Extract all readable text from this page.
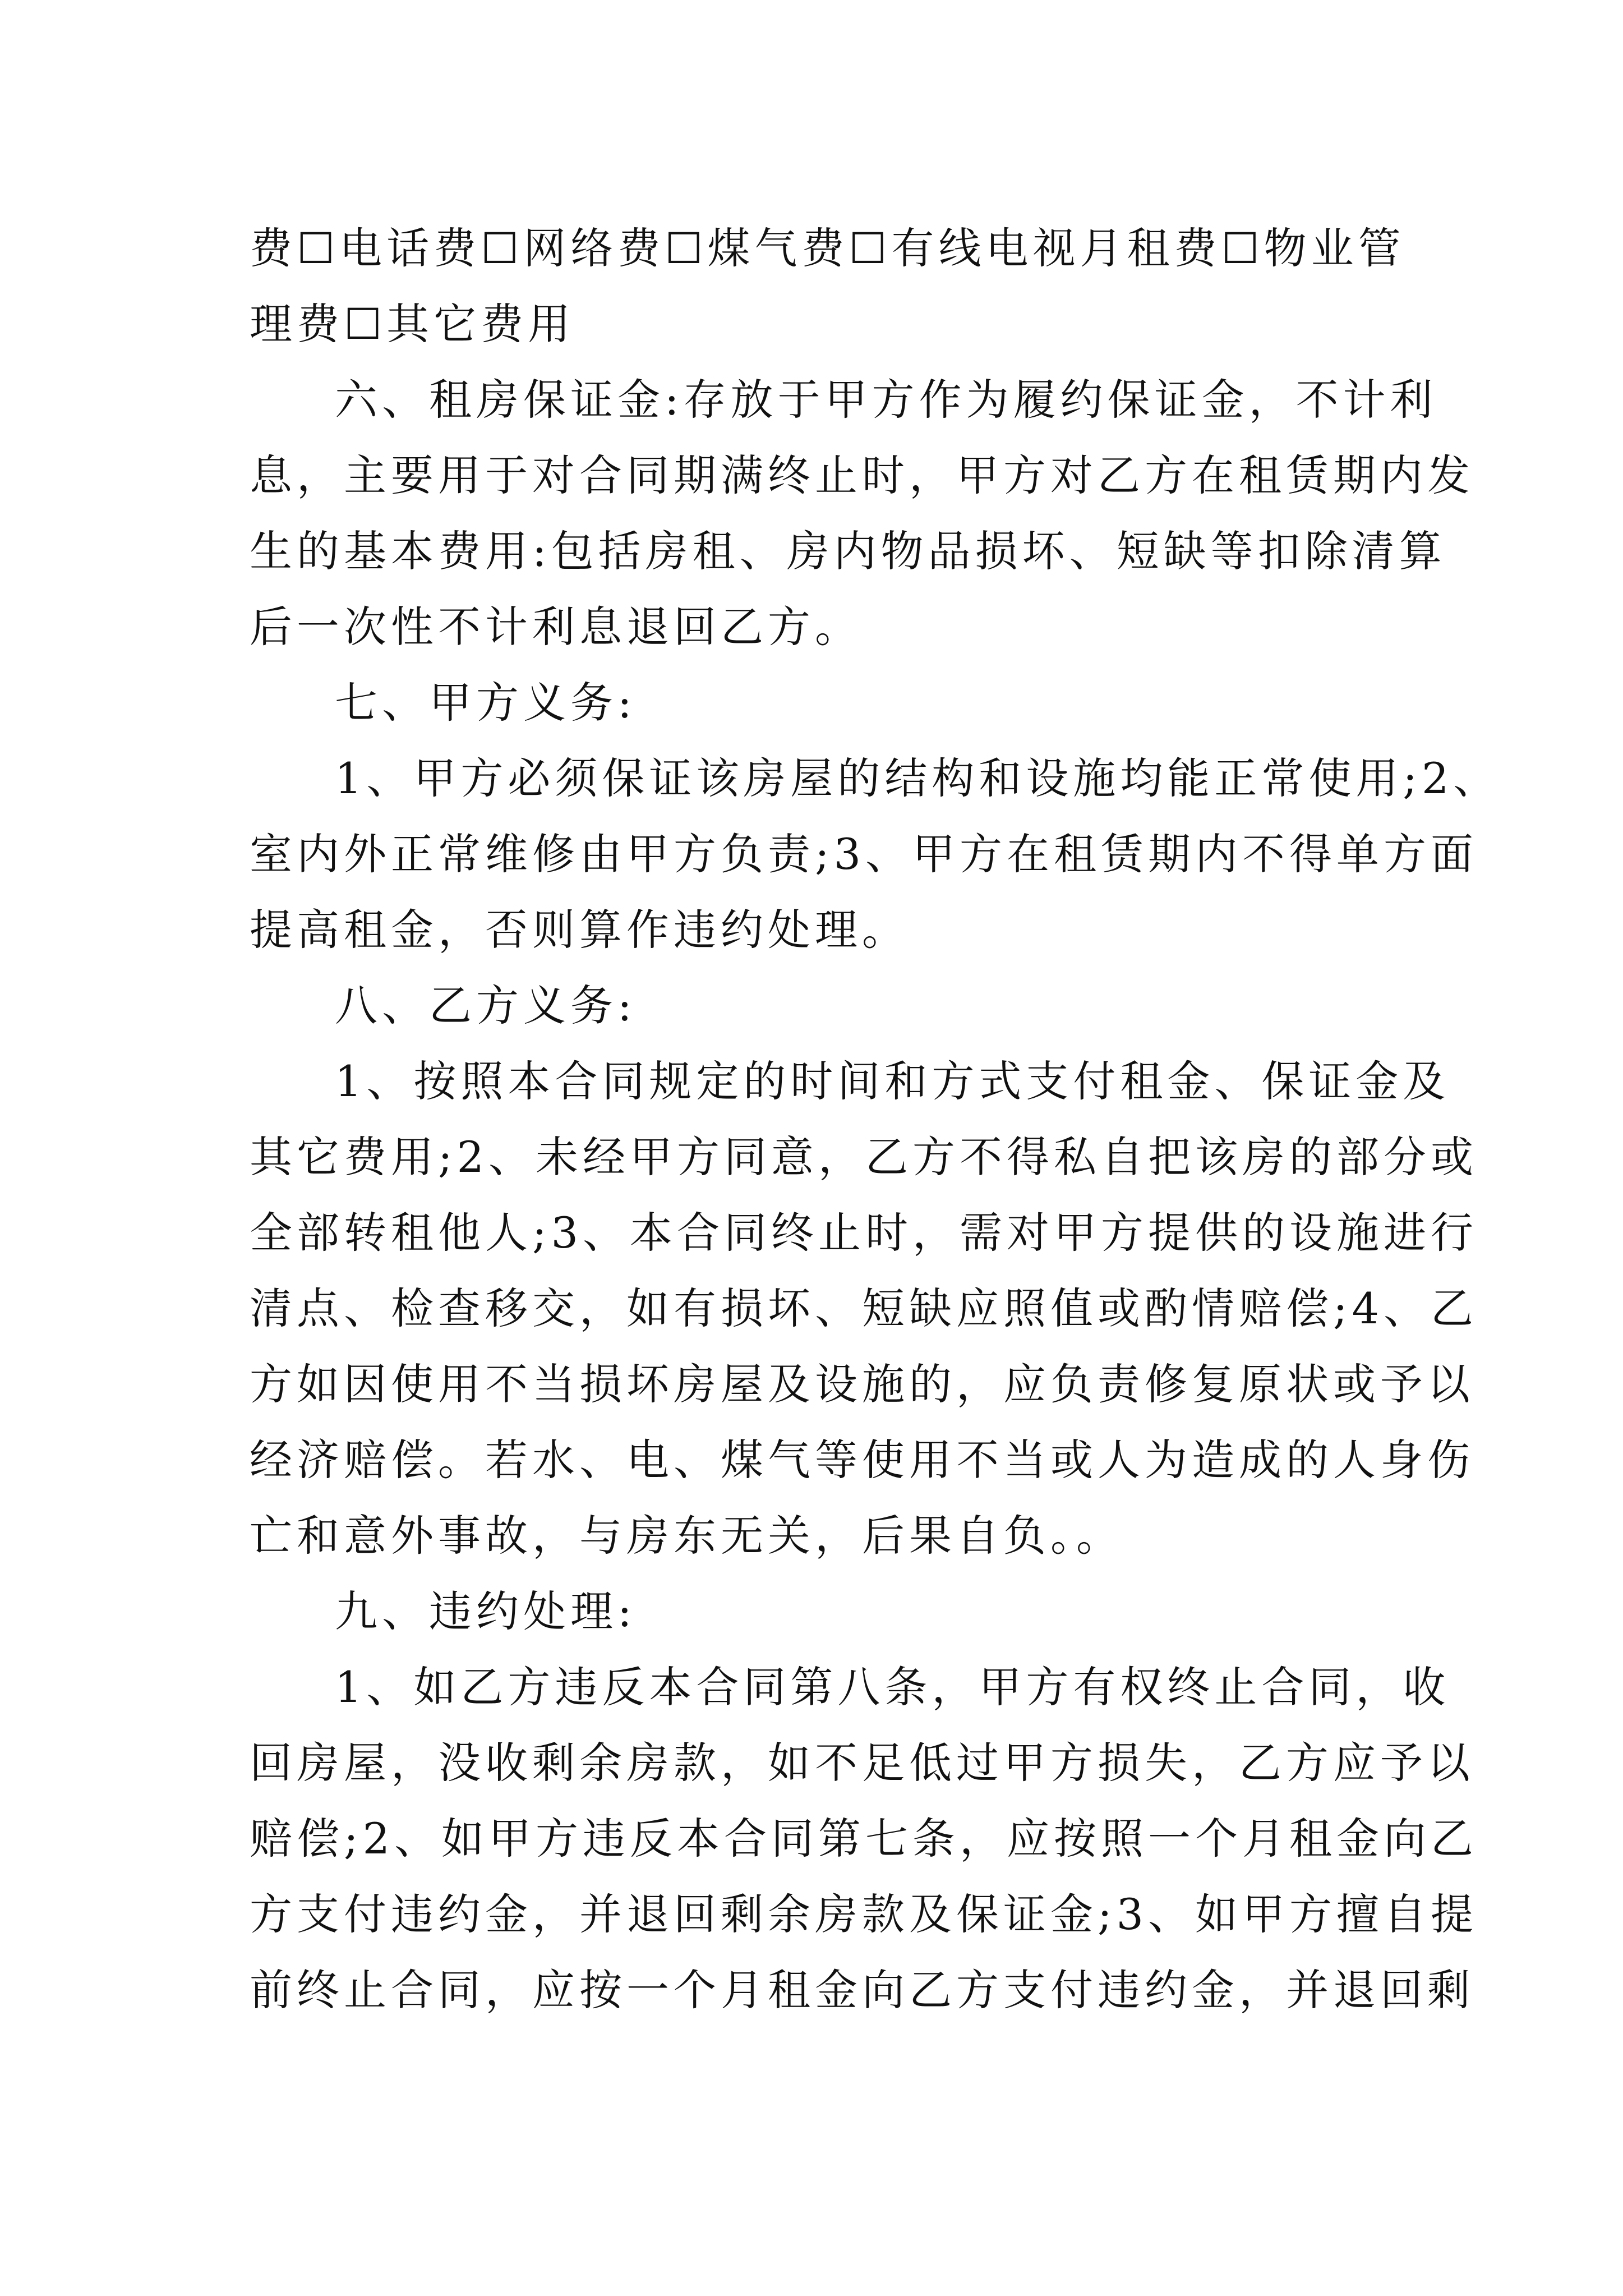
费☐电话费☐网络费☐煤气费☐有线电视月租费☐物业管
理费☐其它费用
六、租房保证金:存放于甲方作为履约保证金，不计利
息，主要用于对合同期满终止时，甲方对乙方在租赁期内发
生的基本费用:包括房租、房内物品损坏、短缺等扣除清算
后一次性不计利息退回乙方。
七、甲方义务:
1、甲方必须保证该房屋的结构和设施均能正常使用;2、
室内外正常维修由甲方负责;3、甲方在租赁期内不得单方面
提高租金，否则算作违约处理。
八、乙方义务:
1、按照本合同规定的时间和方式支付租金、保证金及
其它费用;2、未经甲方同意，乙方不得私自把该房的部分或
全部转租他人;3、本合同终止时，需对甲方提供的设施进行
清点、检查移交，如有损坏、短缺应照值或酌情赔偿;4、乙
方如因使用不当损坏房屋及设施的，应负责修复原状或予以
经济赔偿。若水、电、煤气等使用不当或人为造成的人身伤
亡和意外事故，与房东无关，后果自负。。
九、违约处理:
1、如乙方违反本合同第八条，甲方有权终止合同，收
回房屋，没收剩余房款，如不足低过甲方损失，乙方应予以
赔偿;2、如甲方违反本合同第七条，应按照一个月租金向乙
方支付违约金，并退回剩余房款及保证金;3、如甲方擅自提
前终止合同，应按一个月租金向乙方支付违约金，并退回剩
